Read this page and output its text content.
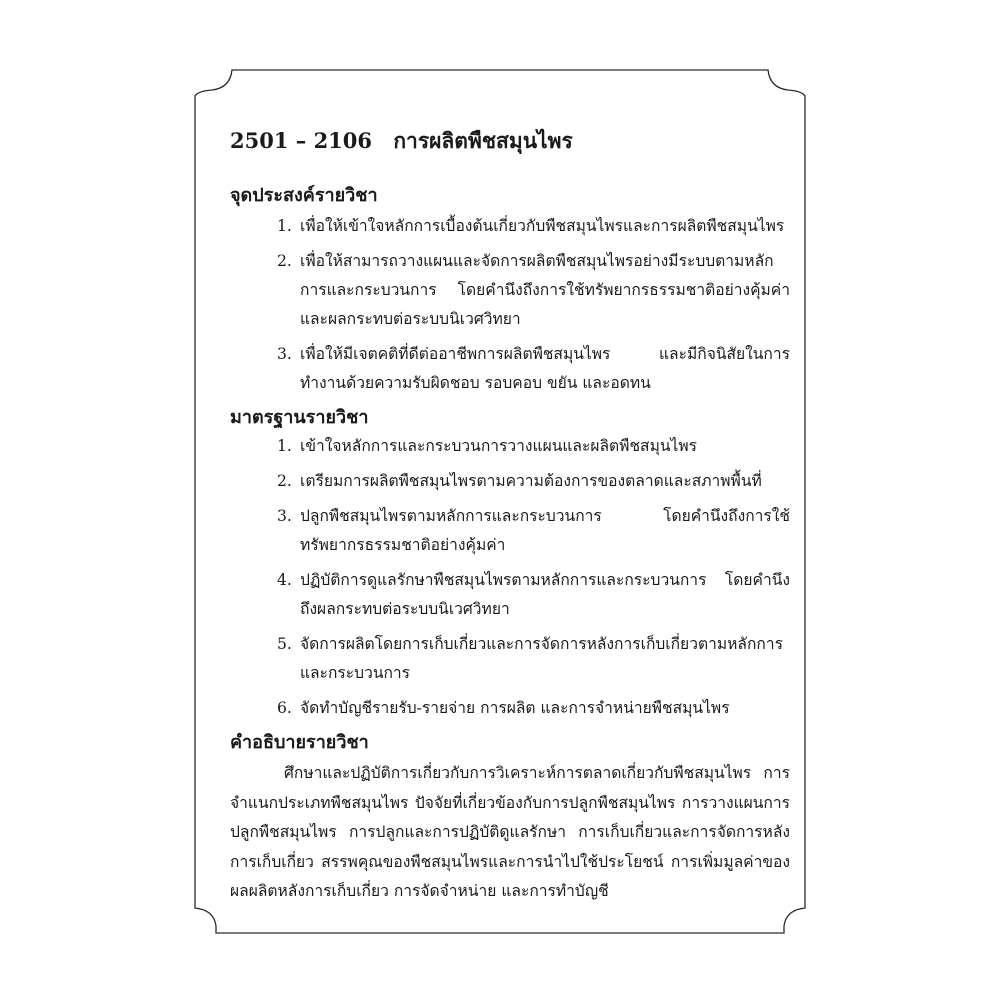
2501 – 2106 การผลิตพืชสมุนไพร
จุดประสงค์รายวิชา
1. เพื่อให้เข้าใจหลักการเบื้องต้นเกี่ยวกับพืชสมุนไพรและการผลิตพืชสมุนไพร
2. เพื่อให้สามารถวางแผนและจัดการผลิตพืชสมุนไพรอย่างมีระบบตามหลักการและกระบวนการ โดยคำนึงถึงการใช้ทรัพยากรธรรมชาติอย่างคุ้มค่า และผลกระทบต่อระบบนิเวศวิทยา
3. เพื่อให้มีเจตคติที่ดีต่ออาชีพการผลิตพืชสมุนไพร และมีกิจนิสัยในการทำงานด้วยความรับผิดชอบ รอบคอบ ขยัน และอดทน
มาตรฐานรายวิชา
1. เข้าใจหลักการและกระบวนการวางแผนและผลิตพืชสมุนไพร
2. เตรียมการผลิตพืชสมุนไพรตามความต้องการของตลาดและสภาพพื้นที่
3. ปลูกพืชสมุนไพรตามหลักการและกระบวนการ โดยคำนึงถึงการใช้ทรัพยากรธรรมชาติอย่างคุ้มค่า
4. ปฏิบัติการดูแลรักษาพืชสมุนไพรตามหลักการและกระบวนการ โดยคำนึงถึงผลกระทบต่อระบบนิเวศวิทยา
5. จัดการผลิตโดยการเก็บเกี่ยวและการจัดการหลังการเก็บเกี่ยวตามหลักการและกระบวนการ
6. จัดทำบัญชีรายรับ-รายจ่าย การผลิต และการจำหน่ายพืชสมุนไพร
คำอธิบายรายวิชา

ศึกษาและปฏิบัติการเกี่ยวกับการวิเคราะห์การตลาดเกี่ยวกับพืชสมุนไพร การจำแนกประเภทพืชสมุนไพร ปัจจัยที่เกี่ยวข้องกับการปลูกพืชสมุนไพร การวางแผนการปลูกพืชสมุนไพร การปลูกและการปฏิบัติดูแลรักษา การเก็บเกี่ยวและการจัดการหลังการเก็บเกี่ยว สรรพคุณของพืชสมุนไพรและการนำไปใช้ประโยชน์ การเพิ่มมูลค่าของผลผลิตหลังการเก็บเกี่ยว การจัดจำหน่าย และการทำบัญชี
